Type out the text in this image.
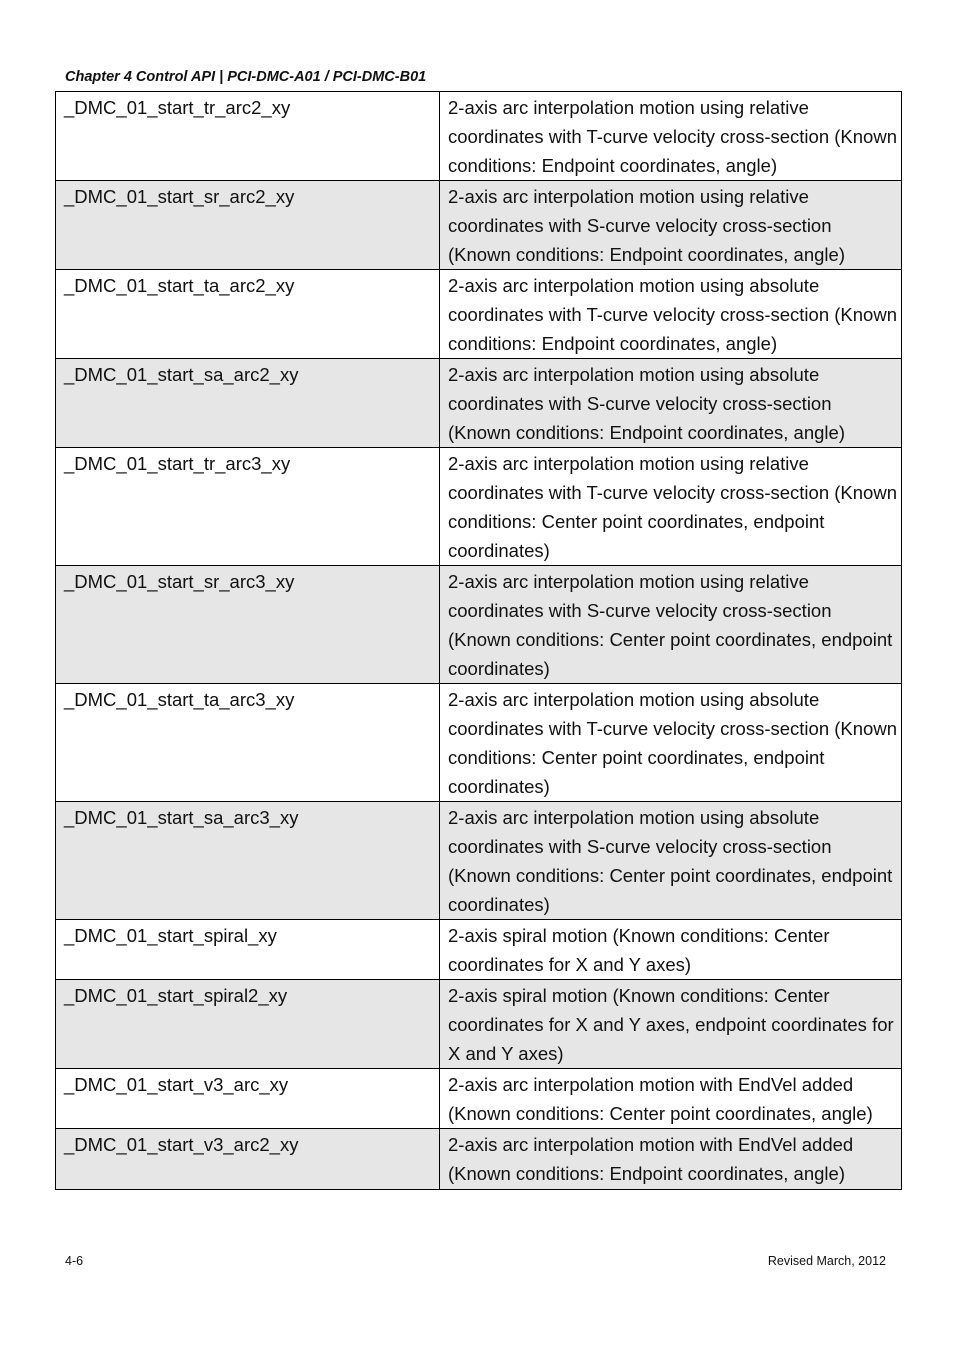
Chapter 4 Control API | PCI-DMC-A01 / PCI-DMC-B01
_DMC_01_start_tr_arc2_xy	2-axis arc interpolation motion using relative coordinates with T-curve velocity cross-section (Known conditions: Endpoint coordinates, angle)
_DMC_01_start_sr_arc2_xy	2-axis arc interpolation motion using relative coordinates with S-curve velocity cross-section (Known conditions: Endpoint coordinates, angle)
_DMC_01_start_ta_arc2_xy	2-axis arc interpolation motion using absolute coordinates with T-curve velocity cross-section (Known conditions: Endpoint coordinates, angle)
_DMC_01_start_sa_arc2_xy	2-axis arc interpolation motion using absolute coordinates with S-curve velocity cross-section (Known conditions: Endpoint coordinates, angle)
_DMC_01_start_tr_arc3_xy	2-axis arc interpolation motion using relative coordinates with T-curve velocity cross-section (Known conditions: Center point coordinates, endpoint coordinates)
_DMC_01_start_sr_arc3_xy	2-axis arc interpolation motion using relative coordinates with S-curve velocity cross-section (Known conditions: Center point coordinates, endpoint coordinates)
_DMC_01_start_ta_arc3_xy	2-axis arc interpolation motion using absolute coordinates with T-curve velocity cross-section (Known conditions: Center point coordinates, endpoint coordinates)
_DMC_01_start_sa_arc3_xy	2-axis arc interpolation motion using absolute coordinates with S-curve velocity cross-section (Known conditions: Center point coordinates, endpoint coordinates)
_DMC_01_start_spiral_xy	2-axis spiral motion (Known conditions: Center coordinates for X and Y axes)
_DMC_01_start_spiral2_xy	2-axis spiral motion (Known conditions: Center coordinates for X and Y axes, endpoint coordinates for X and Y axes)
_DMC_01_start_v3_arc_xy	2-axis arc interpolation motion with EndVel added (Known conditions: Center point coordinates, angle)
_DMC_01_start_v3_arc2_xy	2-axis arc interpolation motion with EndVel added (Known conditions: Endpoint coordinates, angle)
4-6	Revised March, 2012
